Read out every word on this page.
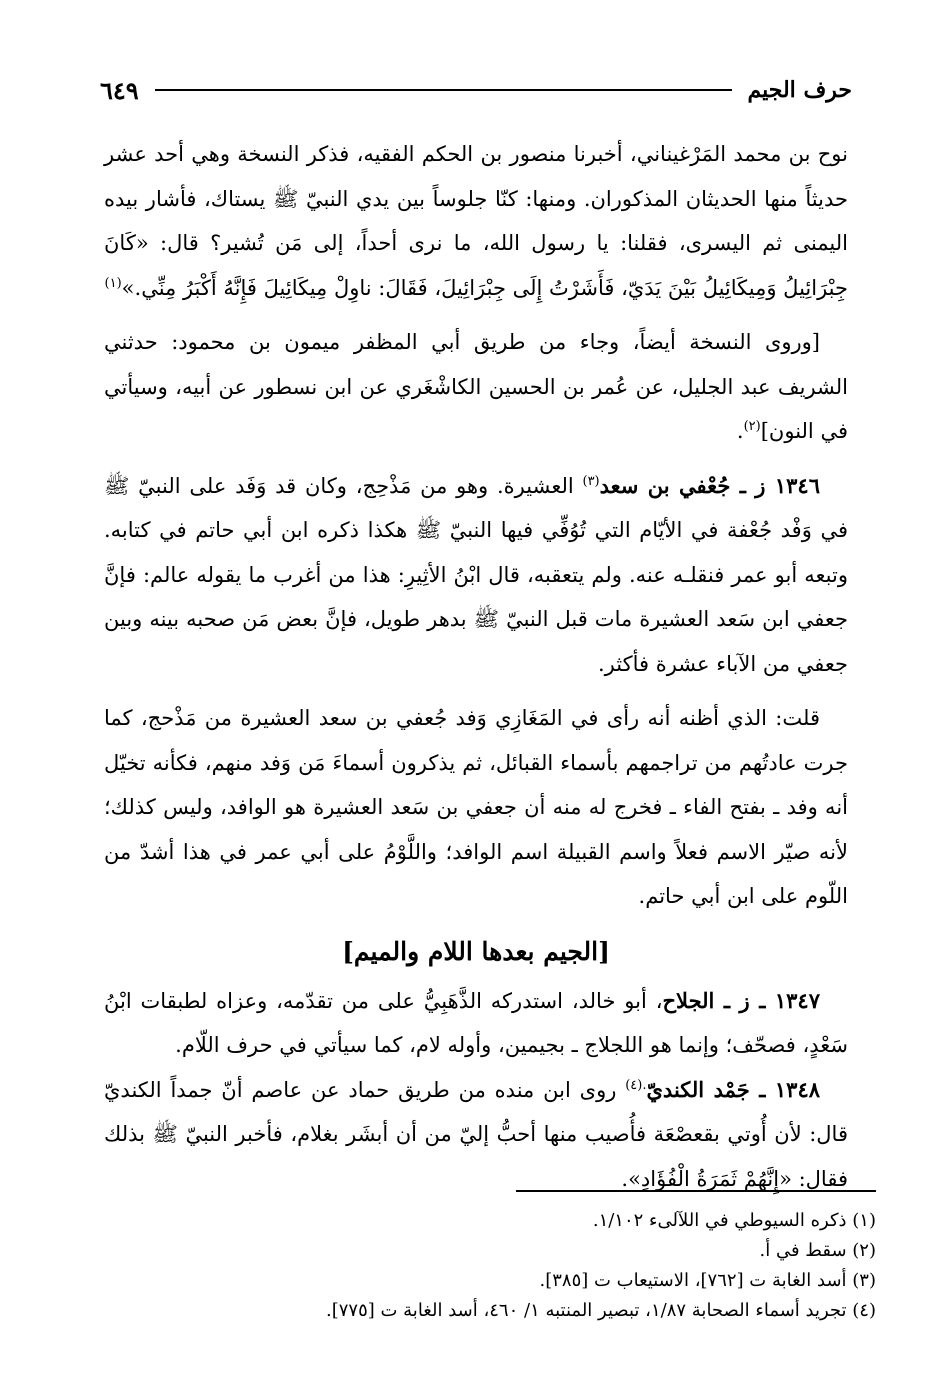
حرف الجيم
٦٤٩

نوح بن محمد المَرْغيناني، أخبرنا منصور بن الحكم الفقيه، فذكر النسخة وهي أحد عشر حديثاً منها الحديثان المذكوران. ومنها: كنّا جلوساً بين يدي النبيّ ﷺ يستاك، فأشار بيده اليمنى ثم اليسرى، فقلنا: يا رسول الله، ما نرى أحداً، إلى مَن تُشير؟ قال: «كَانَ جِبْرَائِيلُ وَمِيكَائِيلُ بَيْنَ يَدَيّ، فَأَشَرْتُ إِلَى جِبْرَائِيلَ، فَقَالَ: ناوِلْ مِيكَائِيلَ فَإِنَّهُ أَكْبَرُ مِنِّي.»$^{(١)}$

[وروى النسخة أيضاً، وجاء من طريق أبي المظفر ميمون بن محمود: حدثني الشريف عبد الجليل، عن عُمر بن الحسين الكاشْغَري عن ابن نسطور عن أبيه، وسيأتي في النون]$^{(٢)}$.

١٣٤٦ ز ـ جُعْفي بن سعد$^{(٣)}$ العشيرة. وهو من مَذْحِج، وكان قد وَفَد على النبيّ ﷺ في وَفْد جُعْفة في الأيّام التي تُوُفِّي فيها النبيّ ﷺ هكذا ذكره ابن أبي حاتم في كتابه. وتبعه أبو عمر فنقلـه عنه. ولم يتعقبه، قال ابْنُ الأثِيرِ: هذا من أغرب ما يقوله عالم: فإنَّ جعفي ابن سَعد العشيرة مات قبل النبيّ ﷺ بدهر طويل، فإنَّ بعض مَن صحبه بينه وبين جعفي من الآباء عشرة فأكثر.

قلت: الذي أظنه أنه رأى في المَغَازِي وَفد جُعفي بن سعد العشيرة من مَذْحج، كما جرت عادتُهم من تراجمهم بأسماء القبائل، ثم يذكرون أسماءَ مَن وَفد منهم، فكأنه تخيّل أنه وفد ـ بفتح الفاء ـ فخرج له منه أن جعفي بن سَعد العشيرة هو الوافد، وليس كذلك؛ لأنه صيّر الاسم فعلاً واسم القبيلة اسم الوافد؛ واللَّوْمُ على أبي عمر في هذا أشدّ من اللّوم على ابن أبي حاتم.

[الجيم بعدها اللام والميم]

١٣٤٧ ـ ز ـ الجلاح، أبو خالد، استدركه الذَّهَبِيُّ على من تقدّمه، وعزاه لطبقات ابْنُ سَعْدٍ، فصحّف؛ وإنما هو اللجلاج ـ بجيمين، وأوله لام، كما سيأتي في حرف اللّام.

١٣٤٨ ـ جَمْد الكنديّ$^{.(٤)}$ روى ابن منده من طريق حماد عن عاصم أنّ جمداً الكنديّ قال: لأن أُوتي بقعصْعَة فأُصيب منها أحبُّ إليّ من أن أبشَر بغلام، فأخبر النبيّ ﷺ بذلك فقال: «إِنَّهُمْ ثَمَرَةُ الْفُؤَادِ».

(١) ذكره السيوطي في اللآلىء ١/١٠٢.
(٢) سقط في أ.
(٣) أسد الغابة ت [٧٦٢]، الاستيعاب ت [٣٨٥].
(٤) تجريد أسماء الصحابة ١/٨٧، تبصير المنتبه ١/ ٤٦٠، أسد الغابة ت [٧٧٥].
